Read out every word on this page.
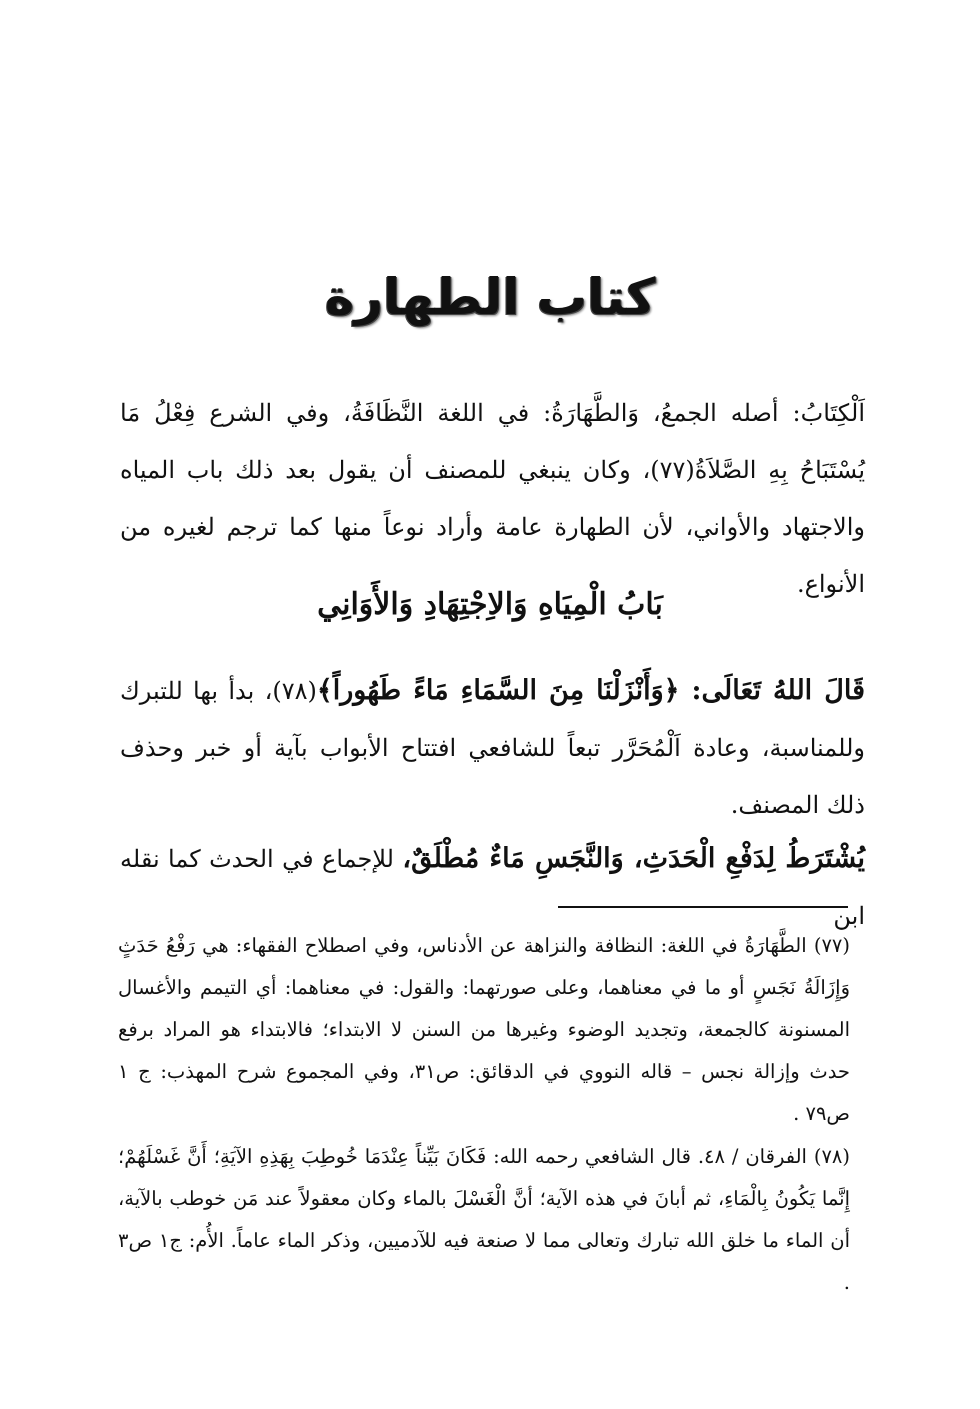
كتاب الطهارة
اَلْكِتَابُ: أصله الجمعُ، وَالطَّهَارَةُ: في اللغة النَّظَافَةُ، وفي الشرع فِعْلُ مَا يُسْتَبَاحُ بِهِ الصَّلاَةُ(٧٧)، وكان ينبغي للمصنف أن يقول بعد ذلك باب المياه والاجتهاد والأواني، لأن الطهارة عامة وأراد نوعاً منها كما ترجم لغيره من الأنواع.
بَابُ الْمِيَاهِ وَالاِجْتِهَادِ وَالأَوَانِي
قَالَ اللهُ تَعَالَى: ﴿وَأَنْزَلْنَا مِنَ السَّمَاءِ مَاءً طَهُوراً﴾(٧٨)، بدأ بها للتبرك وللمناسبة، وعادة اَلْمُحَرَّر تبعاً للشافعي افتتاح الأبواب بآية أو خبر وحذف ذلك المصنف.
يُشْتَرَطُ لِدَفْعِ الْحَدَثِ، وَالنَّجَسِ مَاءٌ مُطْلَقٌ، للإجماع في الحدث كما نقله ابن
(٧٧) الطَّهَارَةُ في اللغة: النظافة والنزاهة عن الأدناس، وفي اصطلاح الفقهاء: هي رَفْعُ حَدَثٍ وَإِزَالَةُ نَجَسٍ أو ما في معناهما، وعلى صورتهما: والقول: في معناهما: أي التيمم والأغسال المسنونة كالجمعة، وتجديد الوضوء وغيرها من السنن لا الابتداء؛ فالابتداء هو المراد برفع حدث وإزالة نجس – قاله النووي في الدقائق: ص٣١، وفي المجموع شرح المهذب: ج ١ ص٧٩ .
(٧٨) الفرقان / ٤٨. قال الشافعي رحمه الله: فَكَانَ بَيِّناً عِنْدَمَا خُوطِبَ بِهَذِهِ الآيَةِ؛ أَنَّ غَسْلَهُمْ؛ إِنَّما يَكُونُ بِالْمَاءِ، ثم أبانَ في هذه الآية؛ أنَّ الْغَسْلَ بالماء وكان معقولاً عند مَن خوطب بالآية، أن الماء ما خلق الله تبارك وتعالى مما لا صنعة فيه للآدميين، وذكر الماء عاماً. الأُم: ج١ ص٣ .
